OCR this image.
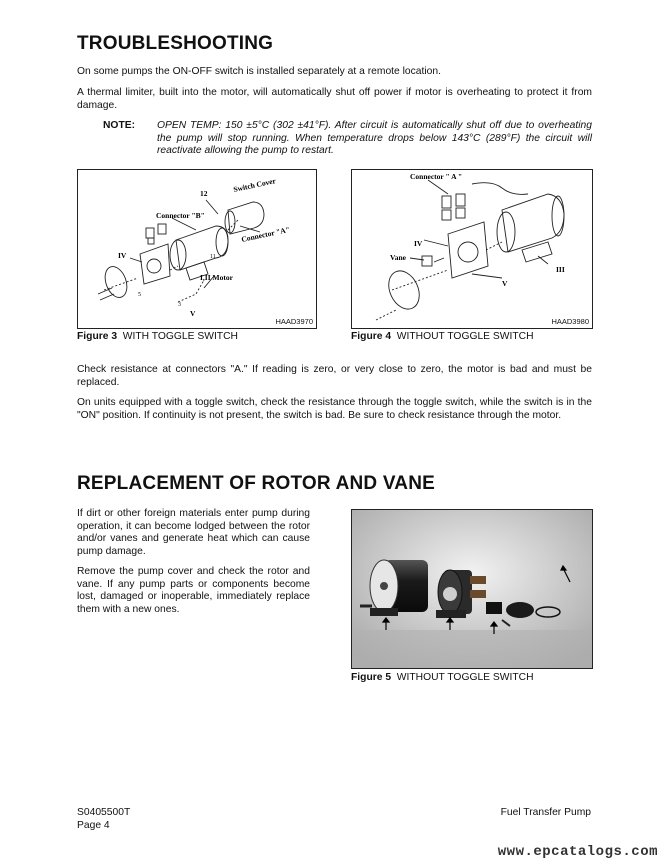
TROUBLESHOOTING

On some pumps the ON-OFF switch is installed separately at a remote location.

A thermal limiter, built into the motor, will automatically shut off power if motor is overheating to protect it from damage.

NOTE: OPEN TEMP: 150 ±5°C (302 ±41°F). After circuit is automatically shut off due to overheating the pump will stop running. When temperature drops below 143°C (289°F) the circuit will reactivate allowing the pump to restart.

12	Switch Cover
Connector "B"
Connector "A"
IV
I,II Motor
V
5
3
11
HAAD3970
Figure 3 WITH TOGGLE SWITCH
Connector " A "
IV
Vane
III
V
HAAD3980
Figure 4 WITHOUT TOGGLE SWITCH

Check resistance at connectors "A." If reading is zero, or very close to zero, the motor is bad and must be replaced.

On units equipped with a toggle switch, check the resistance through the toggle switch, while the switch is in the "ON" position. If continuity is not present, the switch is bad. Be sure to check resistance through the motor.

REPLACEMENT OF ROTOR AND VANE

If dirt or other foreign materials enter pump during operation, it can become lodged between the rotor and/or vanes and generate heat which can cause pump damage.

Remove the pump cover and check the rotor and vane. If any pump parts or components become lost, damaged or inoperable, immediately replace them with a new ones.

Figure 5 WITHOUT TOGGLE SWITCH
S0405500T
Page 4
Fuel Transfer Pump
www.epcatalogs.com
